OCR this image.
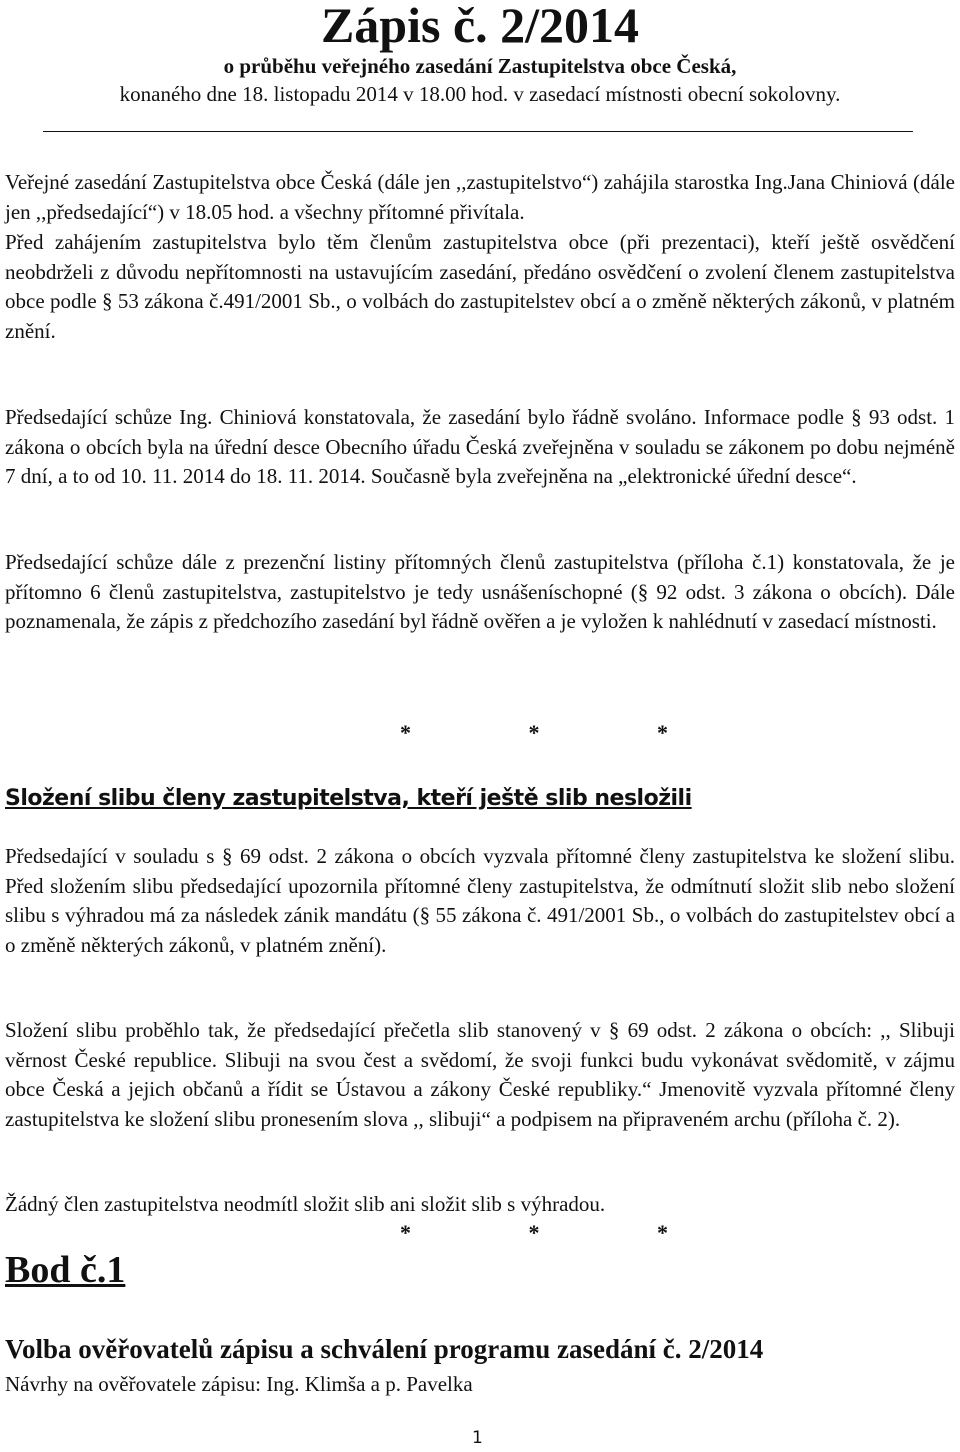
Zápis č. 2/2014

o průběhu veřejného zasedání Zastupitelstva obce Česká,

konaného dne 18. listopadu 2014 v 18.00 hod. v zasedací místnosti obecní sokolovny.

Veřejné zasedání Zastupitelstva obce Česká (dále jen ,,zastupitelstvo“) zahájila starostka Ing.Jana Chiniová (dále jen ,,předsedající“) v 18.05 hod. a všechny přítomné přivítala.

Před zahájením zastupitelstva bylo těm členům zastupitelstva obce (při prezentaci), kteří ještě osvědčení neobdrželi z důvodu nepřítomnosti na ustavujícím zasedání, předáno osvědčení o zvolení členem zastupitelstva obce podle § 53 zákona č.491/2001 Sb., o volbách do zastupitelstev obcí a o změně některých zákonů, v platném znění.

Předsedající schůze Ing. Chiniová konstatovala, že zasedání bylo řádně svoláno. Informace podle § 93 odst. 1 zákona o obcích byla na úřední desce Obecního úřadu Česká zveřejněna v souladu se zákonem po dobu nejméně 7 dní, a to od 10. 11. 2014 do 18. 11. 2014. Současně byla zveřejněna na „elektronické úřední desce“.

Předsedající schůze dále z prezenční listiny přítomných členů zastupitelstva (příloha č.1) konstatovala, že je přítomno 6 členů zastupitelstva, zastupitelstvo je tedy usnášeníschopné (§ 92 odst. 3 zákona o obcích). Dále poznamenala, že zápis z předchozího zasedání byl řádně ověřen a je vyložen k nahlédnutí v zasedací místnosti.

* * *
Složení slibu členy zastupitelstva, kteří ještě slib nesložili

Předsedající v souladu s § 69 odst. 2 zákona o obcích vyzvala přítomné členy zastupitelstva ke složení slibu. Před složením slibu předsedající upozornila přítomné členy zastupitelstva, že odmítnutí složit slib nebo složení slibu s výhradou má za následek zánik mandátu (§ 55 zákona č. 491/2001 Sb., o volbách do zastupitelstev obcí a o změně některých zákonů, v platném znění).

Složení slibu proběhlo tak, že předsedající přečetla slib stanovený v § 69 odst. 2 zákona o obcích: ,, Slibuji věrnost České republice. Slibuji na svou čest a svědomí, že svoji funkci budu vykonávat svědomitě, v zájmu obce Česká a jejich občanů a řídit se Ústavou a zákony České republiky.“ Jmenovitě vyzvala přítomné členy zastupitelstva ke složení slibu pronesením slova ,, slibuji“ a podpisem na připraveném archu (příloha č. 2).

Žádný člen zastupitelstva neodmítl složit slib ani složit slib s výhradou.

* * *
Bod č.1
Volba ověřovatelů zápisu a schválení programu zasedání č. 2/2014
Návrhy na ověřovatele zápisu: Ing. Klimša a p. Pavelka
1
